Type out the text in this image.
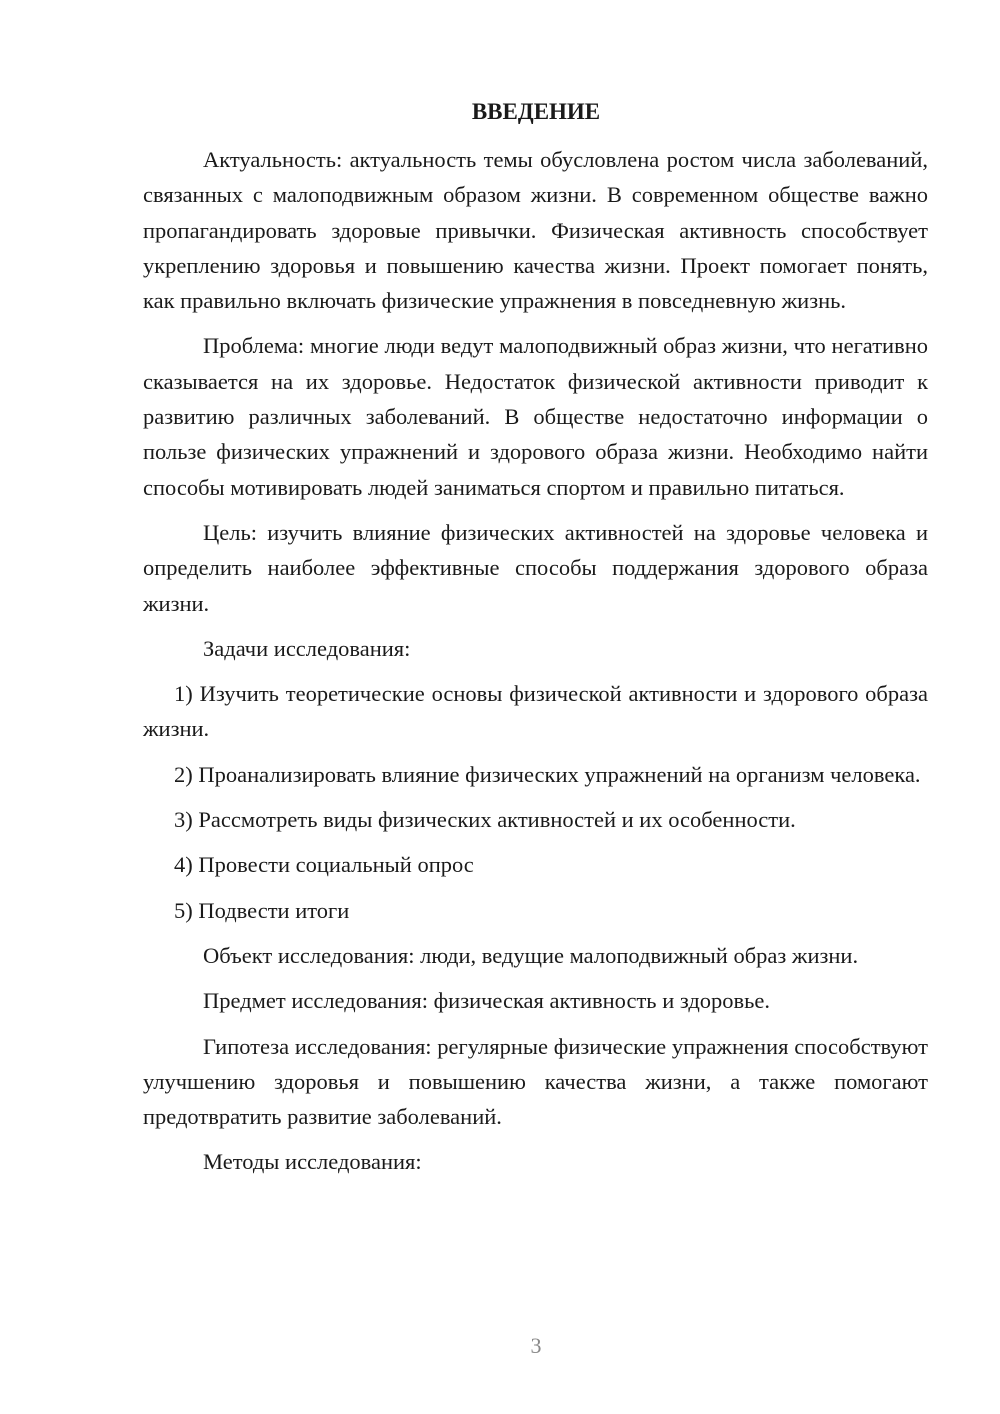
ВВЕДЕНИЕ

Актуальность: актуальность темы обусловлена ростом числа заболеваний, связанных с малоподвижным образом жизни. В современном обществе важно пропагандировать здоровые привычки. Физическая активность способствует укреплению здоровья и повышению качества жизни. Проект помогает понять, как правильно включать физические упражнения в повседневную жизнь.

Проблема: многие люди ведут малоподвижный образ жизни, что негативно сказывается на их здоровье. Недостаток физической активности приводит к развитию различных заболеваний. В обществе недостаточно информации о пользе физических упражнений и здорового образа жизни. Необходимо найти способы мотивировать людей заниматься спортом и правильно питаться.

Цель: изучить влияние физических активностей на здоровье человека и определить наиболее эффективные способы поддержания здорового образа жизни.

Задачи исследования:

1) Изучить теоретические основы физической активности и здорового образа жизни.

2) Проанализировать влияние физических упражнений на организм человека.

3) Рассмотреть виды физических активностей и их особенности.

4) Провести социальный опрос

5) Подвести итоги

Объект исследования: люди, ведущие малоподвижный образ жизни.

Предмет исследования: физическая активность и здоровье.

Гипотеза исследования: регулярные физические упражнения способствуют улучшению здоровья и повышению качества жизни, а также помогают предотвратить развитие заболеваний.

Методы исследования:

3
